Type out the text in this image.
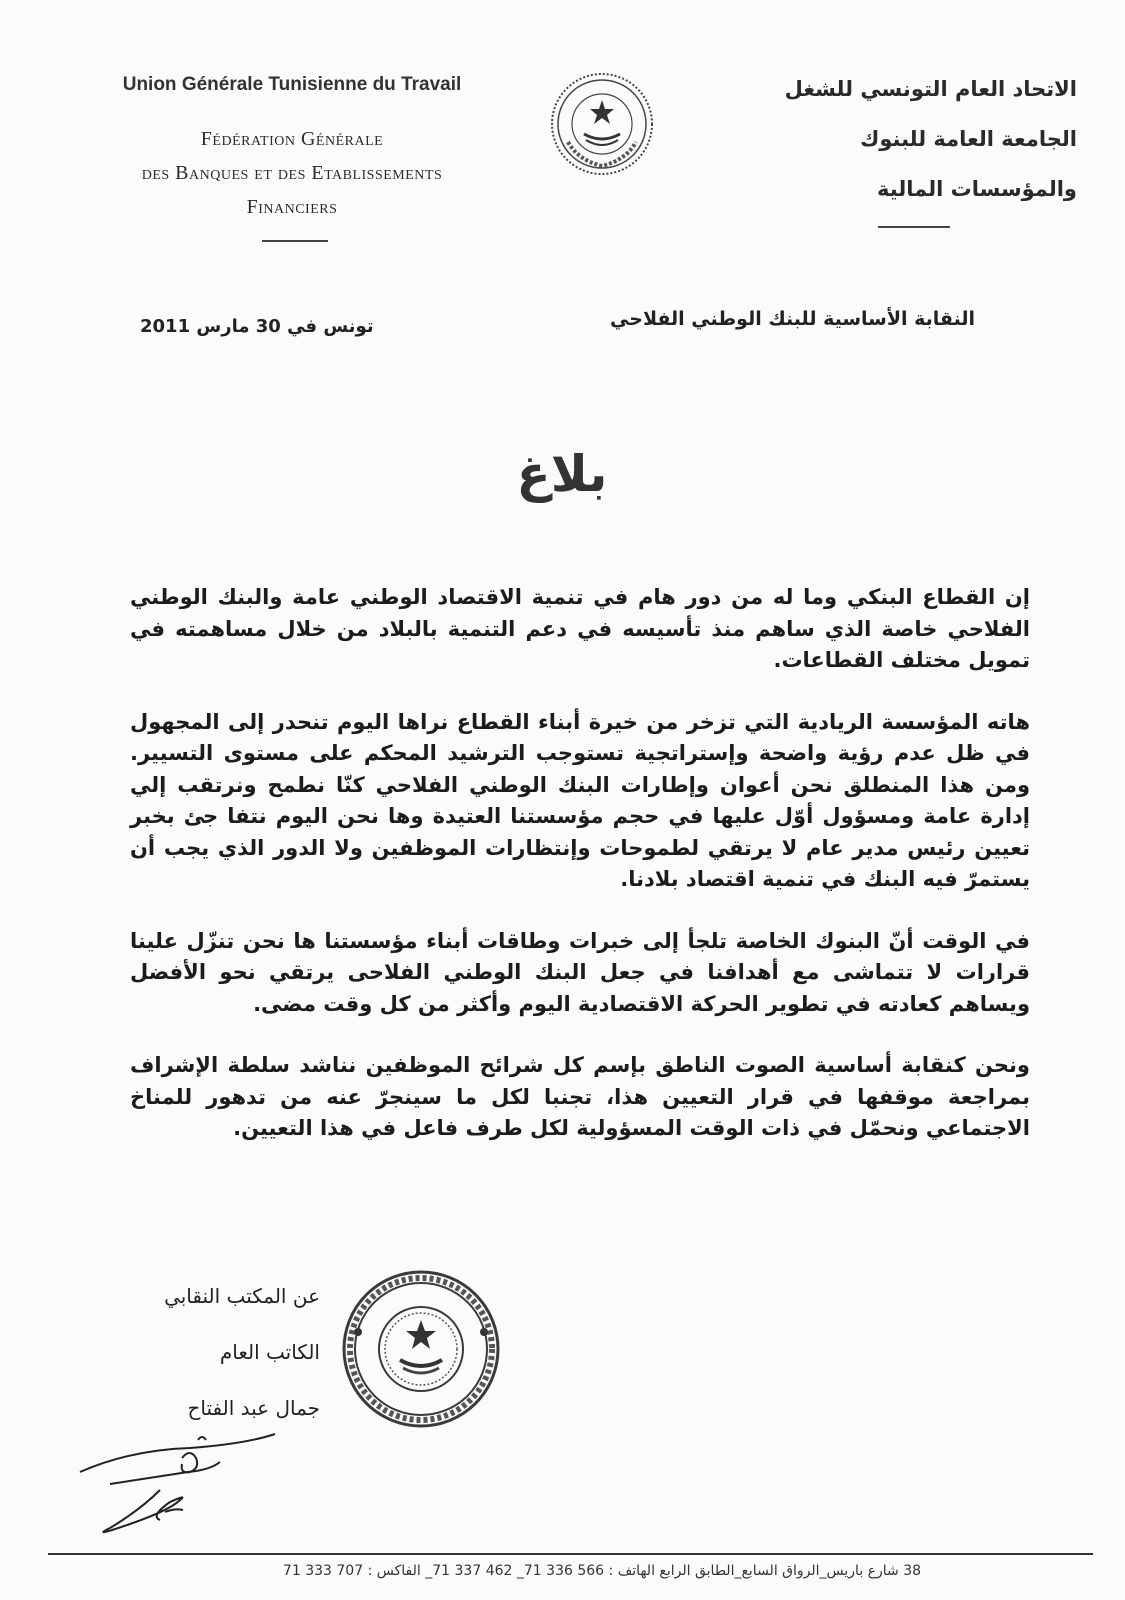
Union Générale Tunisienne du Travail
Fédération Générale
des Banques et des Etablissements
Financiers
الاتحاد العام التونسي للشغل
الجامعة العامة للبنوك
والمؤسسات المالية
النقابة الأساسية للبنك الوطني الفلاحي
تونس في 30 مارس 2011
بلاغ

إن القطاع البنكي وما له من دور هام في تنمية الاقتصاد الوطني عامة والبنك الوطني الفلاحي خاصة الذي ساهم منذ تأسيسه في دعم التنمية بالبلاد من خلال مساهمته في تمويل مختلف القطاعات.

هاته المؤسسة الريادية التي تزخر من خيرة أبناء القطاع نراها اليوم تنحدر إلى المجهول في ظل عدم رؤية واضحة وإستراتجية تستوجب الترشيد المحكم على مستوى التسيير. ومن هذا المنطلق نحن أعوان وإطارات البنك الوطني الفلاحي كنّا نطمح ونرتقب إلي إدارة عامة ومسؤول أوّل عليها في حجم مؤسستنا العتيدة وها نحن اليوم نتفا جئ بخبر تعيين رئيس مدير عام لا يرتقي لطموحات وإنتظارات الموظفين ولا الدور الذي يجب أن يستمرّ فيه البنك في تنمية اقتصاد بلادنا.

في الوقت أنّ البنوك الخاصة تلجأ إلى خبرات وطاقات أبناء مؤسستنا ها نحن تنزّل علينا قرارات لا تتماشى مع أهدافنا في جعل البنك الوطني الفلاحى يرتقي نحو الأفضل ويساهم كعادته في تطوير الحركة الاقتصادية اليوم وأكثر من كل وقت مضى.

ونحن كنقابة أساسية الصوت الناطق بإسم كل شرائح الموظفين نناشد سلطة الإشراف بمراجعة موقفها في قرار التعيين هذا، تجنبا لكل ما سينجرّ عنه من تدهور للمناخ الاجتماعي ونحمّل في ذات الوقت المسؤولية لكل طرف فاعل في هذا التعيين.

عن المكتب النقابي
الكاتب العام
جمال عبد الفتاح
38 شارع باريس_الرواق السابع_الطابق الرابع الهاتف : 566 336 71_ 462 337 71_ الفاكس : 707 333 71
